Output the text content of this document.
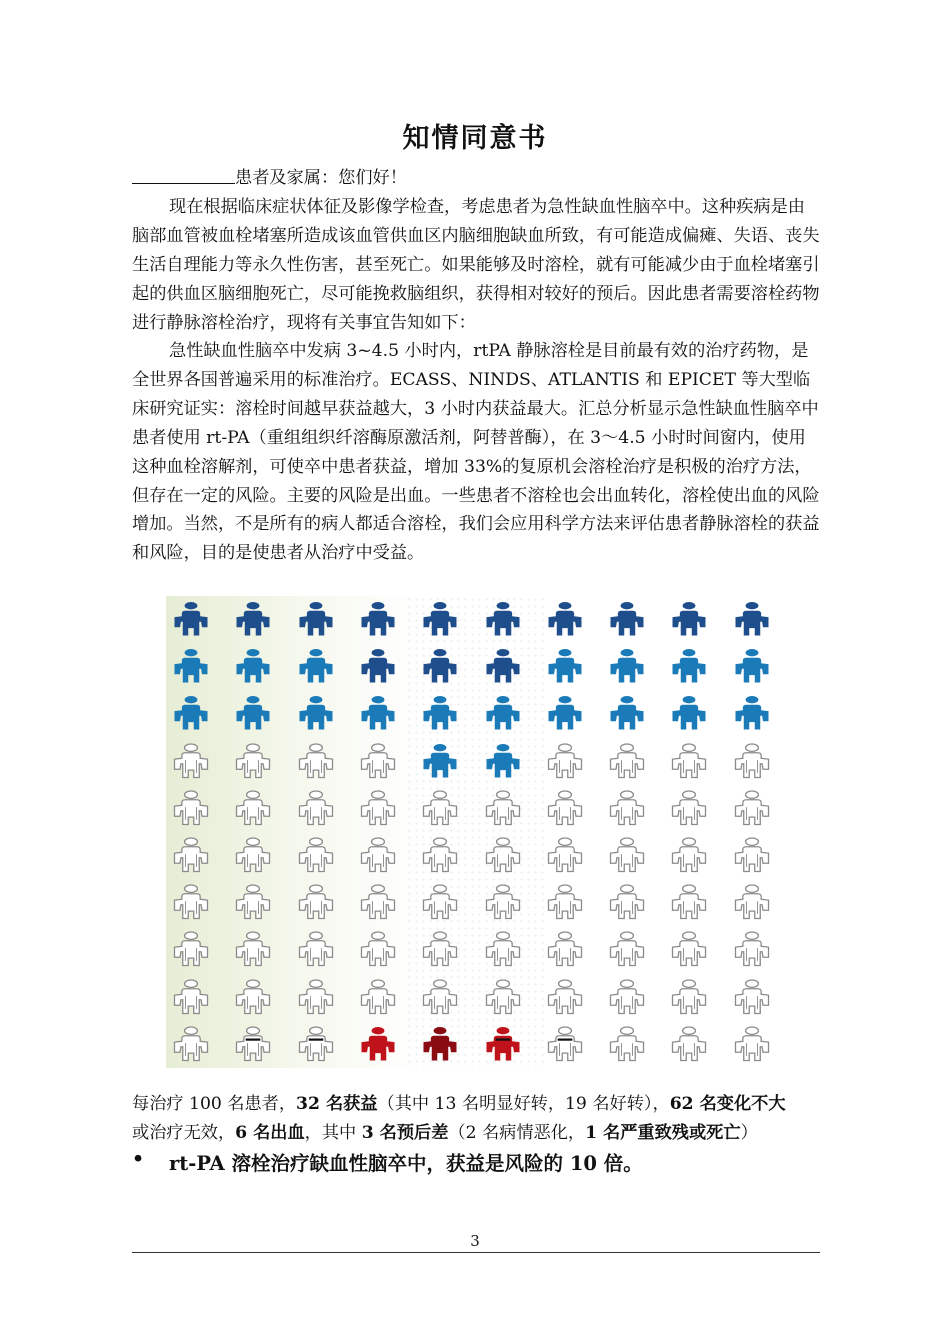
知情同意书
患者及家属：您们好！
现在根据临床症状体征及影像学检查，考虑患者为急性缺血性脑卒中。这种疾病是由脑部血管被血栓堵塞所造成该血管供血区内脑细胞缺血所致，有可能造成偏瘫、失语、丧失生活自理能力等永久性伤害，甚至死亡。如果能够及时溶栓，就有可能减少由于血栓堵塞引起的供血区脑细胞死亡，尽可能挽救脑组织，获得相对较好的预后。因此患者需要溶栓药物进行静脉溶栓治疗，现将有关事宜告知如下：
急性缺血性脑卒中发病 3~4.5 小时内，rtPA 静脉溶栓是目前最有效的治疗药物，是全世界各国普遍采用的标准治疗。ECASS、NINDS、ATLANTIS 和 EPICET 等大型临床研究证实：溶栓时间越早获益越大，3 小时内获益最大。汇总分析显示急性缺血性脑卒中患者使用 rt-PA（重组组织纤溶酶原激活剂，阿替普酶），在 3～4.5 小时时间窗内，使用这种血栓溶解剂，可使卒中患者获益，增加 33%的复原机会溶栓治疗是积极的治疗方法，但存在一定的风险。主要的风险是出血。一些患者不溶栓也会出血转化，溶栓使出血的风险增加。当然，不是所有的病人都适合溶栓，我们会应用科学方法来评估患者静脉溶栓的获益和风险，目的是使患者从治疗中受益。
每治疗 100 名患者，32 名获益（其中 13 名明显好转，19 名好转），62 名变化不大
或治疗无效，6 名出血，其中 3 名预后差（2 名病情恶化，1 名严重致残或死亡）
• rt-PA 溶栓治疗缺血性脑卒中，获益是风险的 10 倍。
3
